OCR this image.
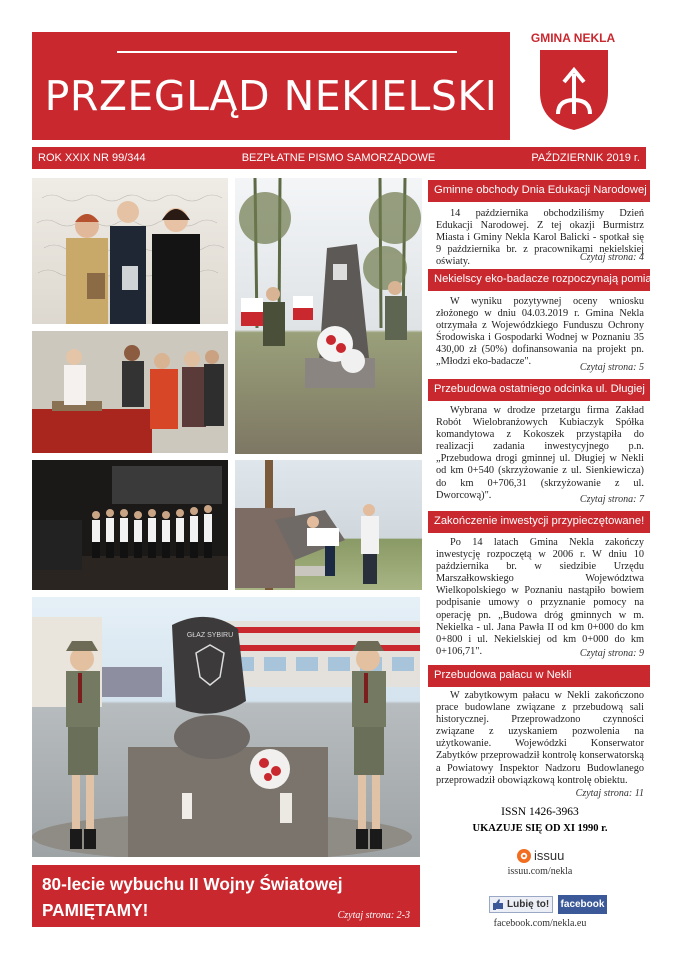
PRZEGLĄD NEKIELSKI
GMINA NEKLA
ROK XXIX NR 99/344	BEZPŁATNE PISMO SAMORZĄDOWE	PAŹDZIERNIK 2019 r.
GŁAZ SYBIRU
80-lecie wybuchu II Wojny Światowej
PAMIĘTAMY!	Czytaj strona: 2-3
Gminne obchody Dnia Edukacji Narodowej
14 października obchodziliśmy Dzień Edukacji Narodowej. Z tej okazji Burmistrz Miasta i Gminy Nekla Karol Balicki - spotkał się 9 października br. z pracownikami nekielskiej oświaty.	Czytaj strona: 4
Nekielscy eko-badacze rozpoczynają pomiary
W wyniku pozytywnej oceny wniosku złożonego w dniu 04.03.2019 r. Gmina Nekla otrzymała z Wojewódzkiego Funduszu Ochrony Środowiska i Gospodarki Wodnej w Poznaniu 35 430,00 zł (50%) dofinansowania na projekt pn. „Młodzi eko-badacze".
Czytaj strona: 5
Przebudowa ostatniego odcinka ul. Długiej
Wybrana w drodze przetargu firma Zakład Robót Wielobranżowych Kubiaczyk Spółka komandytowa z Kokoszek przystąpiła do realizacji zadania inwestycyjnego p.n. „Przebudowa drogi gminnej ul. Długiej w Nekli od km 0+540 (skrzyżowanie z ul. Sienkiewicza) do km 0+706,31 (skrzyżowanie z ul. Dworcową)".	Czytaj strona: 7
Zakończenie inwestycji przypieczętowane!
Po 14 latach Gmina Nekla zakończy inwestycję rozpoczętą w 2006 r. W dniu 10 października br. w siedzibie Urzędu Marszałkowskiego Województwa Wielkopolskiego w Poznaniu nastąpiło bowiem podpisanie umowy o przyznanie pomocy na operację pn. „Budowa dróg gminnych w m. Nekielka - ul. Jana Pawła II od km 0+000 do km 0+800 i ul. Nekielskiej od km 0+000 do km 0+106,71".	Czytaj strona: 9
Przebudowa pałacu w Nekli
W zabytkowym pałacu w Nekli zakończono prace budowlane związane z przebudową sali historycznej. Przeprowadzono czynności związane z uzyskaniem pozwolenia na użytkowanie. Wojewódzki Konserwator Zabytków przeprowadził kontrolę konserwatorską a Powiatowy Inspektor Nadzoru Budowlanego przeprowadził obowiązkową kontrolę obiektu.
Czytaj strona: 11
ISSN 1426-3963
UKAZUJE SIĘ OD XI 1990 r.
issuu
issuu.com/nekla
Lubię to! facebook
facebook.com/nekla.eu
